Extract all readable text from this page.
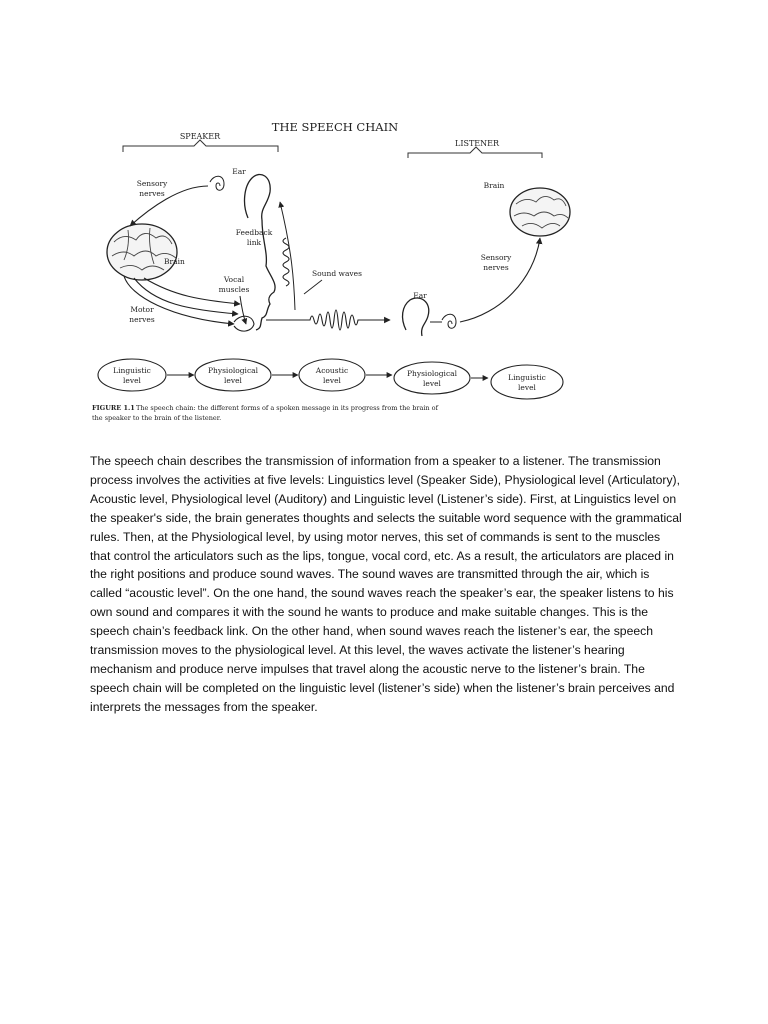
THE SPEECH CHAIN
SPEAKER
LISTENER
Brain
Sensory
nerves
Ear
Feedback
link
Vocal
muscles
Motor
nerves
Sound waves
Ear
Sensory
nerves
Brain
Linguistic
level
Physiological
level
Acoustic
level
Physiological
level
Linguistic
level
FIGURE 1.1 The speech chain: the different forms of a spoken message in its progress from the brain of
the speaker to the brain of the listener.

The speech chain describes the transmission of information from a speaker to a listener. The transmission process involves the activities at five levels: Linguistics level (Speaker Side), Physiological level (Articulatory), Acoustic level, Physiological level (Auditory) and Linguistic level (Listener’s side). First, at Linguistics level on the speaker's side, the brain generates thoughts and selects the suitable word sequence with the grammatical rules. Then, at the Physiological level, by using motor nerves, this set of commands is sent to the muscles that control the articulators such as the lips, tongue, vocal cord, etc. As a result, the articulators are placed in the right positions and produce sound waves. The sound waves are transmitted through the air, which is called “acoustic level”. On the one hand, the sound waves reach the speaker’s ear, the speaker listens to his own sound and compares it with the sound he wants to produce and make suitable changes. This is the speech chain’s feedback link. On the other hand, when sound waves reach the listener’s ear, the speech transmission moves to the physiological level. At this level, the waves activate the listener’s hearing mechanism and produce nerve impulses that travel along the acoustic nerve to the listener’s brain. The speech chain will be completed on the linguistic level (listener’s side) when the listener’s brain perceives and interprets the messages from the speaker.
